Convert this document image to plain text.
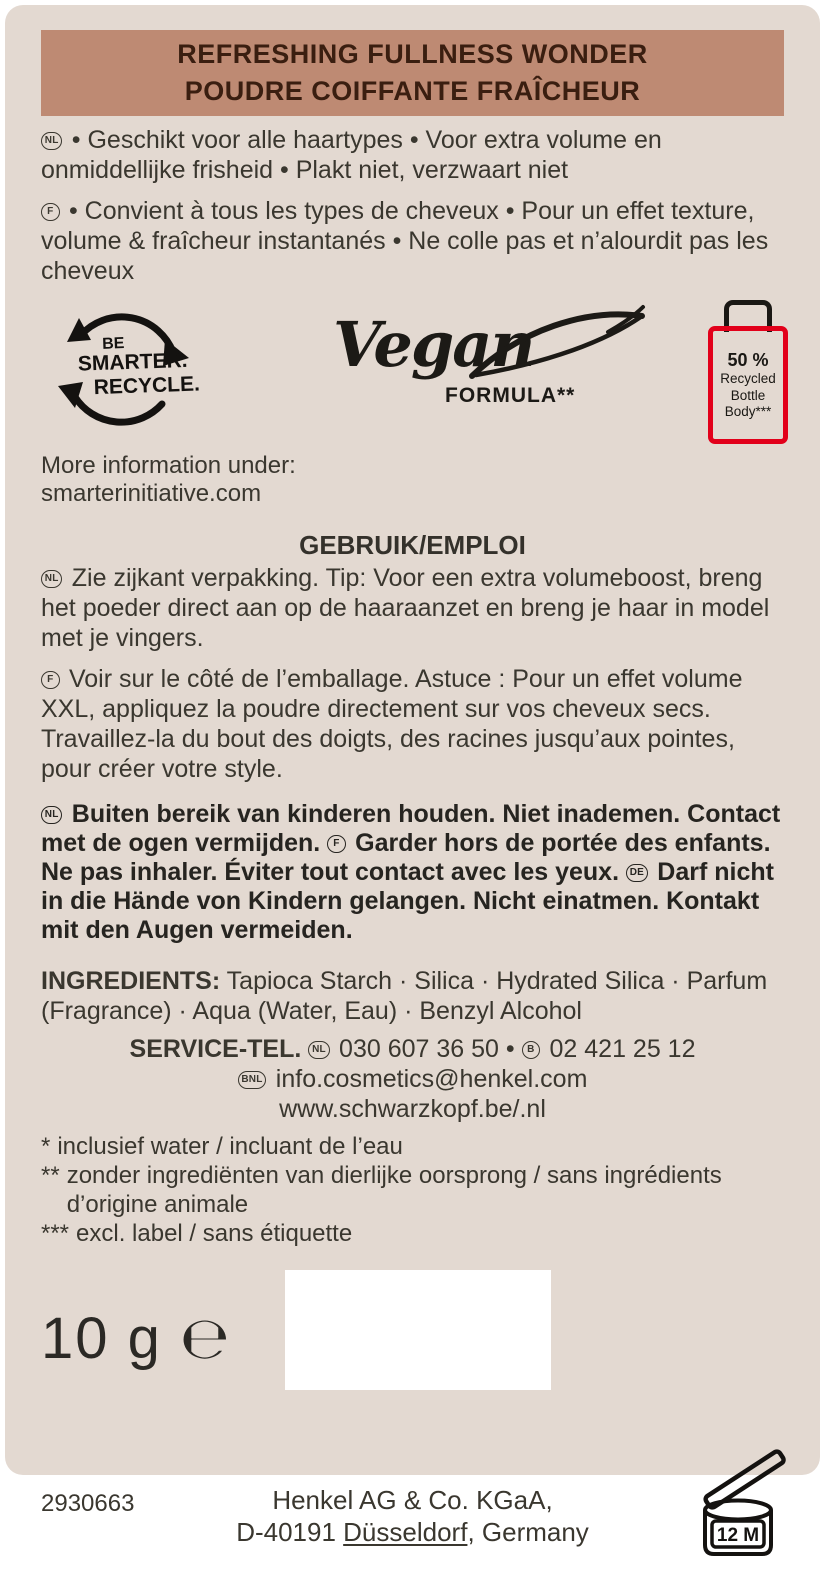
REFRESHING FULLNESS WONDER
POUDRE COIFFANTE FRAÎCHEUR

NL • Geschikt voor alle haartypes • Voor extra volume en onmiddellijke frisheid • Plakt niet, verzwaart niet

F • Convient à tous les types de cheveux • Pour un effet texture, volume & fraîcheur instantanés • Ne colle pas et n’alourdit pas les cheveux

BE
SMARTER.
RECYCLE.
Vegan
FORMULA**
50 %
Recycled
Bottle
Body***
More information under:
smarterinitiative.com
GEBRUIK/EMPLOI

NL Zie zijkant verpakking. Tip: Voor een extra volumeboost, breng het poeder direct aan op de haaraanzet en breng je haar in model met je vingers.

F Voir sur le côté de l’emballage. Astuce : Pour un effet volume XXL, appliquez la poudre directement sur vos cheveux secs. Travaillez-la du bout des doigts, des racines jusqu’aux pointes, pour créer votre style.

NL Buiten bereik van kinderen houden. Niet inademen. Contact met de ogen vermijden. F Garder hors de portée des enfants. Ne pas inhaler. Éviter tout contact avec les yeux. DE Darf nicht in die Hände von Kindern gelangen. Nicht einatmen. Kontakt mit den Augen vermeiden.

INGREDIENTS: Tapioca Starch · Silica · Hydrated Silica · Parfum (Fragrance) · Aqua (Water, Eau) · Benzyl Alcohol

SERVICE-TEL. NL 030 607 36 50 • B 02 421 25 12

BNL info.cosmetics@henkel.com

www.schwarzkopf.be/.nl

* inclusief water / incluant de l’eau
** zonder ingrediënten van dierlijke oorsprong / sans ingrédients d’origine animale
*** excl. label / sans étiquette
10 g ℮
2930663	Henkel AG & Co. KGaA,
D-40191 Düsseldorf, Germany	12 M
